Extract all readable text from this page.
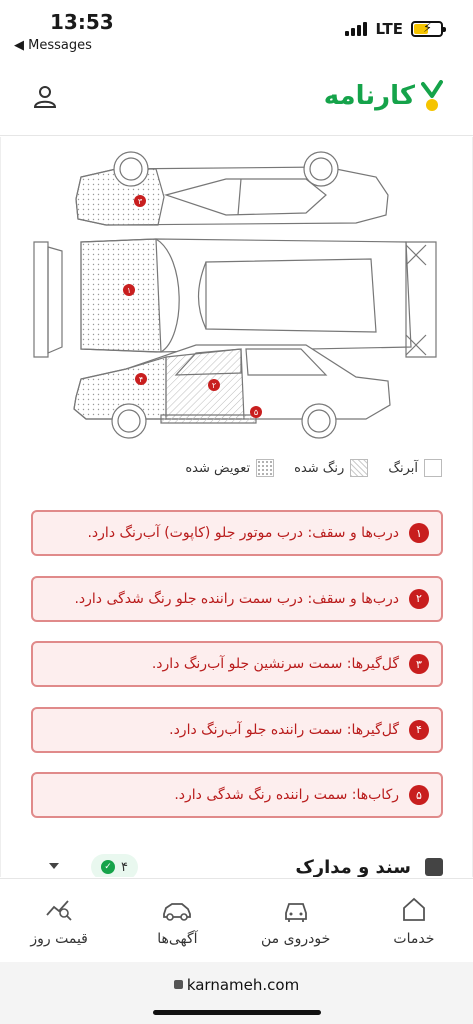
13:53
◀ Messages
LTE ⚡
کارنامه
۳
۱
۴
۲
۵
آبرنگ
رنگ شده
تعویض شده
درب‌ها و سقف: درب موتور جلو (کاپوت) آب‌رنگ دارد.	۱
درب‌ها و سقف: درب سمت راننده جلو رنگ شدگی دارد.	۲
گل‌گیرها: سمت سرنشین جلو آب‌رنگ دارد.	۳
گل‌گیرها: سمت راننده جلو آب‌رنگ دارد.	۴
رکاب‌ها: سمت راننده رنگ شدگی دارد.	۵
سند و مدارک
✓ ۴
خدمات
خودروی من
آگهی‌ها
قیمت روز
karnameh.com
